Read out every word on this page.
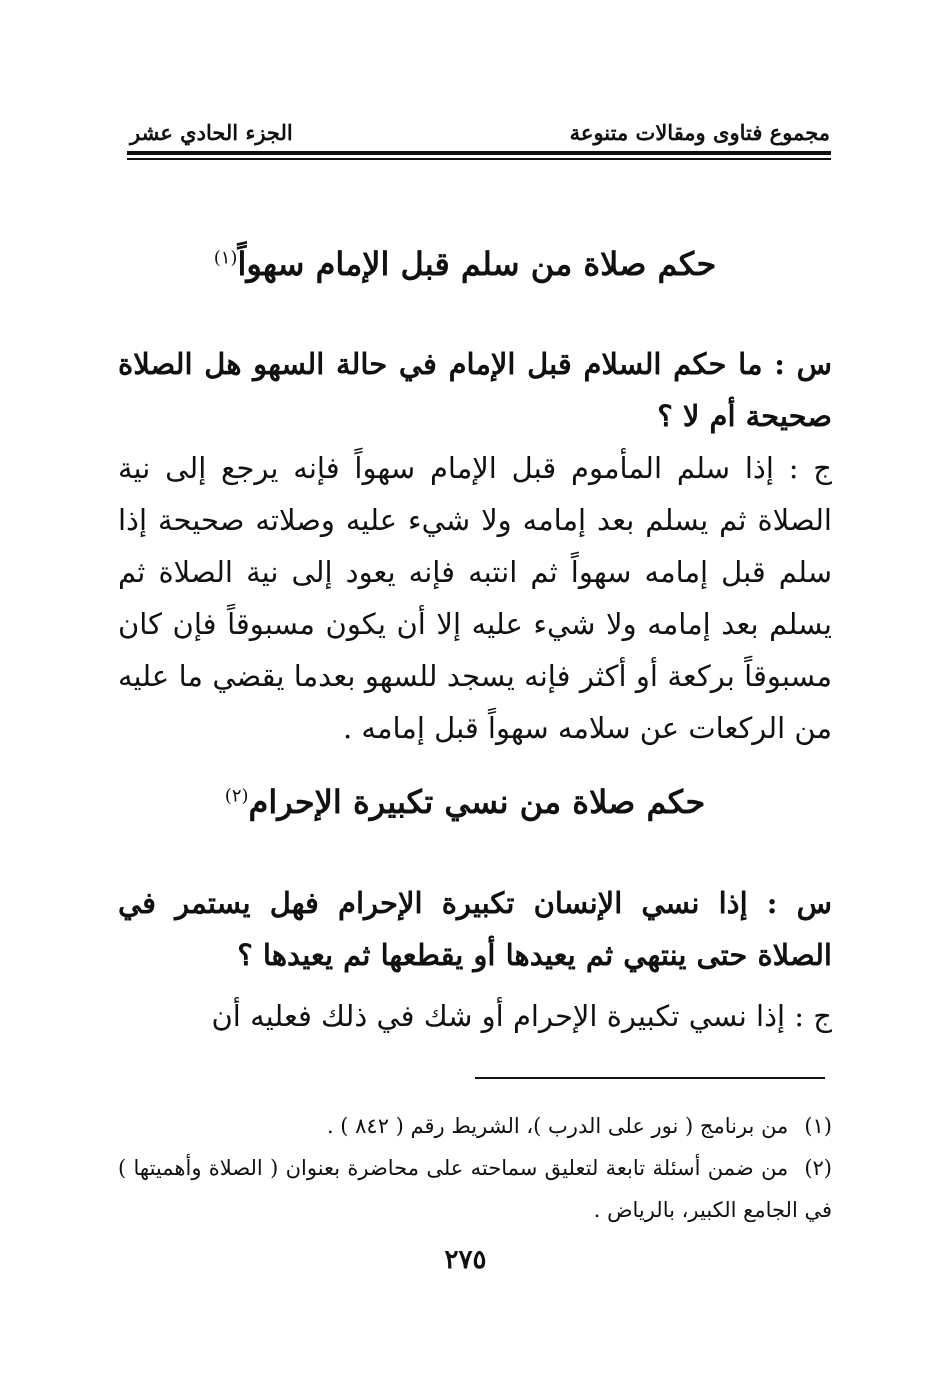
مجموع فتاوى ومقالات متنوعة
الجزء الحادي عشر
حكم صلاة من سلم قبل الإمام سهواً$^{(١)}$
س : ما حكم السلام قبل الإمام في حالة السهو هل الصلاة صحيحة أم لا ؟
ج : إذا سلم المأموم قبل الإمام سهواً فإنه يرجع إلى نية الصلاة ثم يسلم بعد إمامه ولا شيء عليه وصلاته صحيحة إذا سلم قبل إمامه سهواً ثم انتبه فإنه يعود إلى نية الصلاة ثم يسلم بعد إمامه ولا شيء عليه إلا أن يكون مسبوقاً فإن كان مسبوقاً بركعة أو أكثر فإنه يسجد للسهو بعدما يقضي ما عليه من الركعات عن سلامه سهواً قبل إمامه .
حكم صلاة من نسي تكبيرة الإحرام$^{(٢)}$
س : إذا نسي الإنسان تكبيرة الإحرام فهل يستمر في الصلاة حتى ينتهي ثم يعيدها أو يقطعها ثم يعيدها ؟
ج : إذا نسي تكبيرة الإحرام أو شك في ذلك فعليه أن
(١)من برنامج ( نور على الدرب )، الشريط رقم ( ٨٤٢ ) .
(٢)من ضمن أسئلة تابعة لتعليق سماحته على محاضرة بعنوان ( الصلاة وأهميتها ) في الجامع الكبير، بالرياض .
٢٧٥
